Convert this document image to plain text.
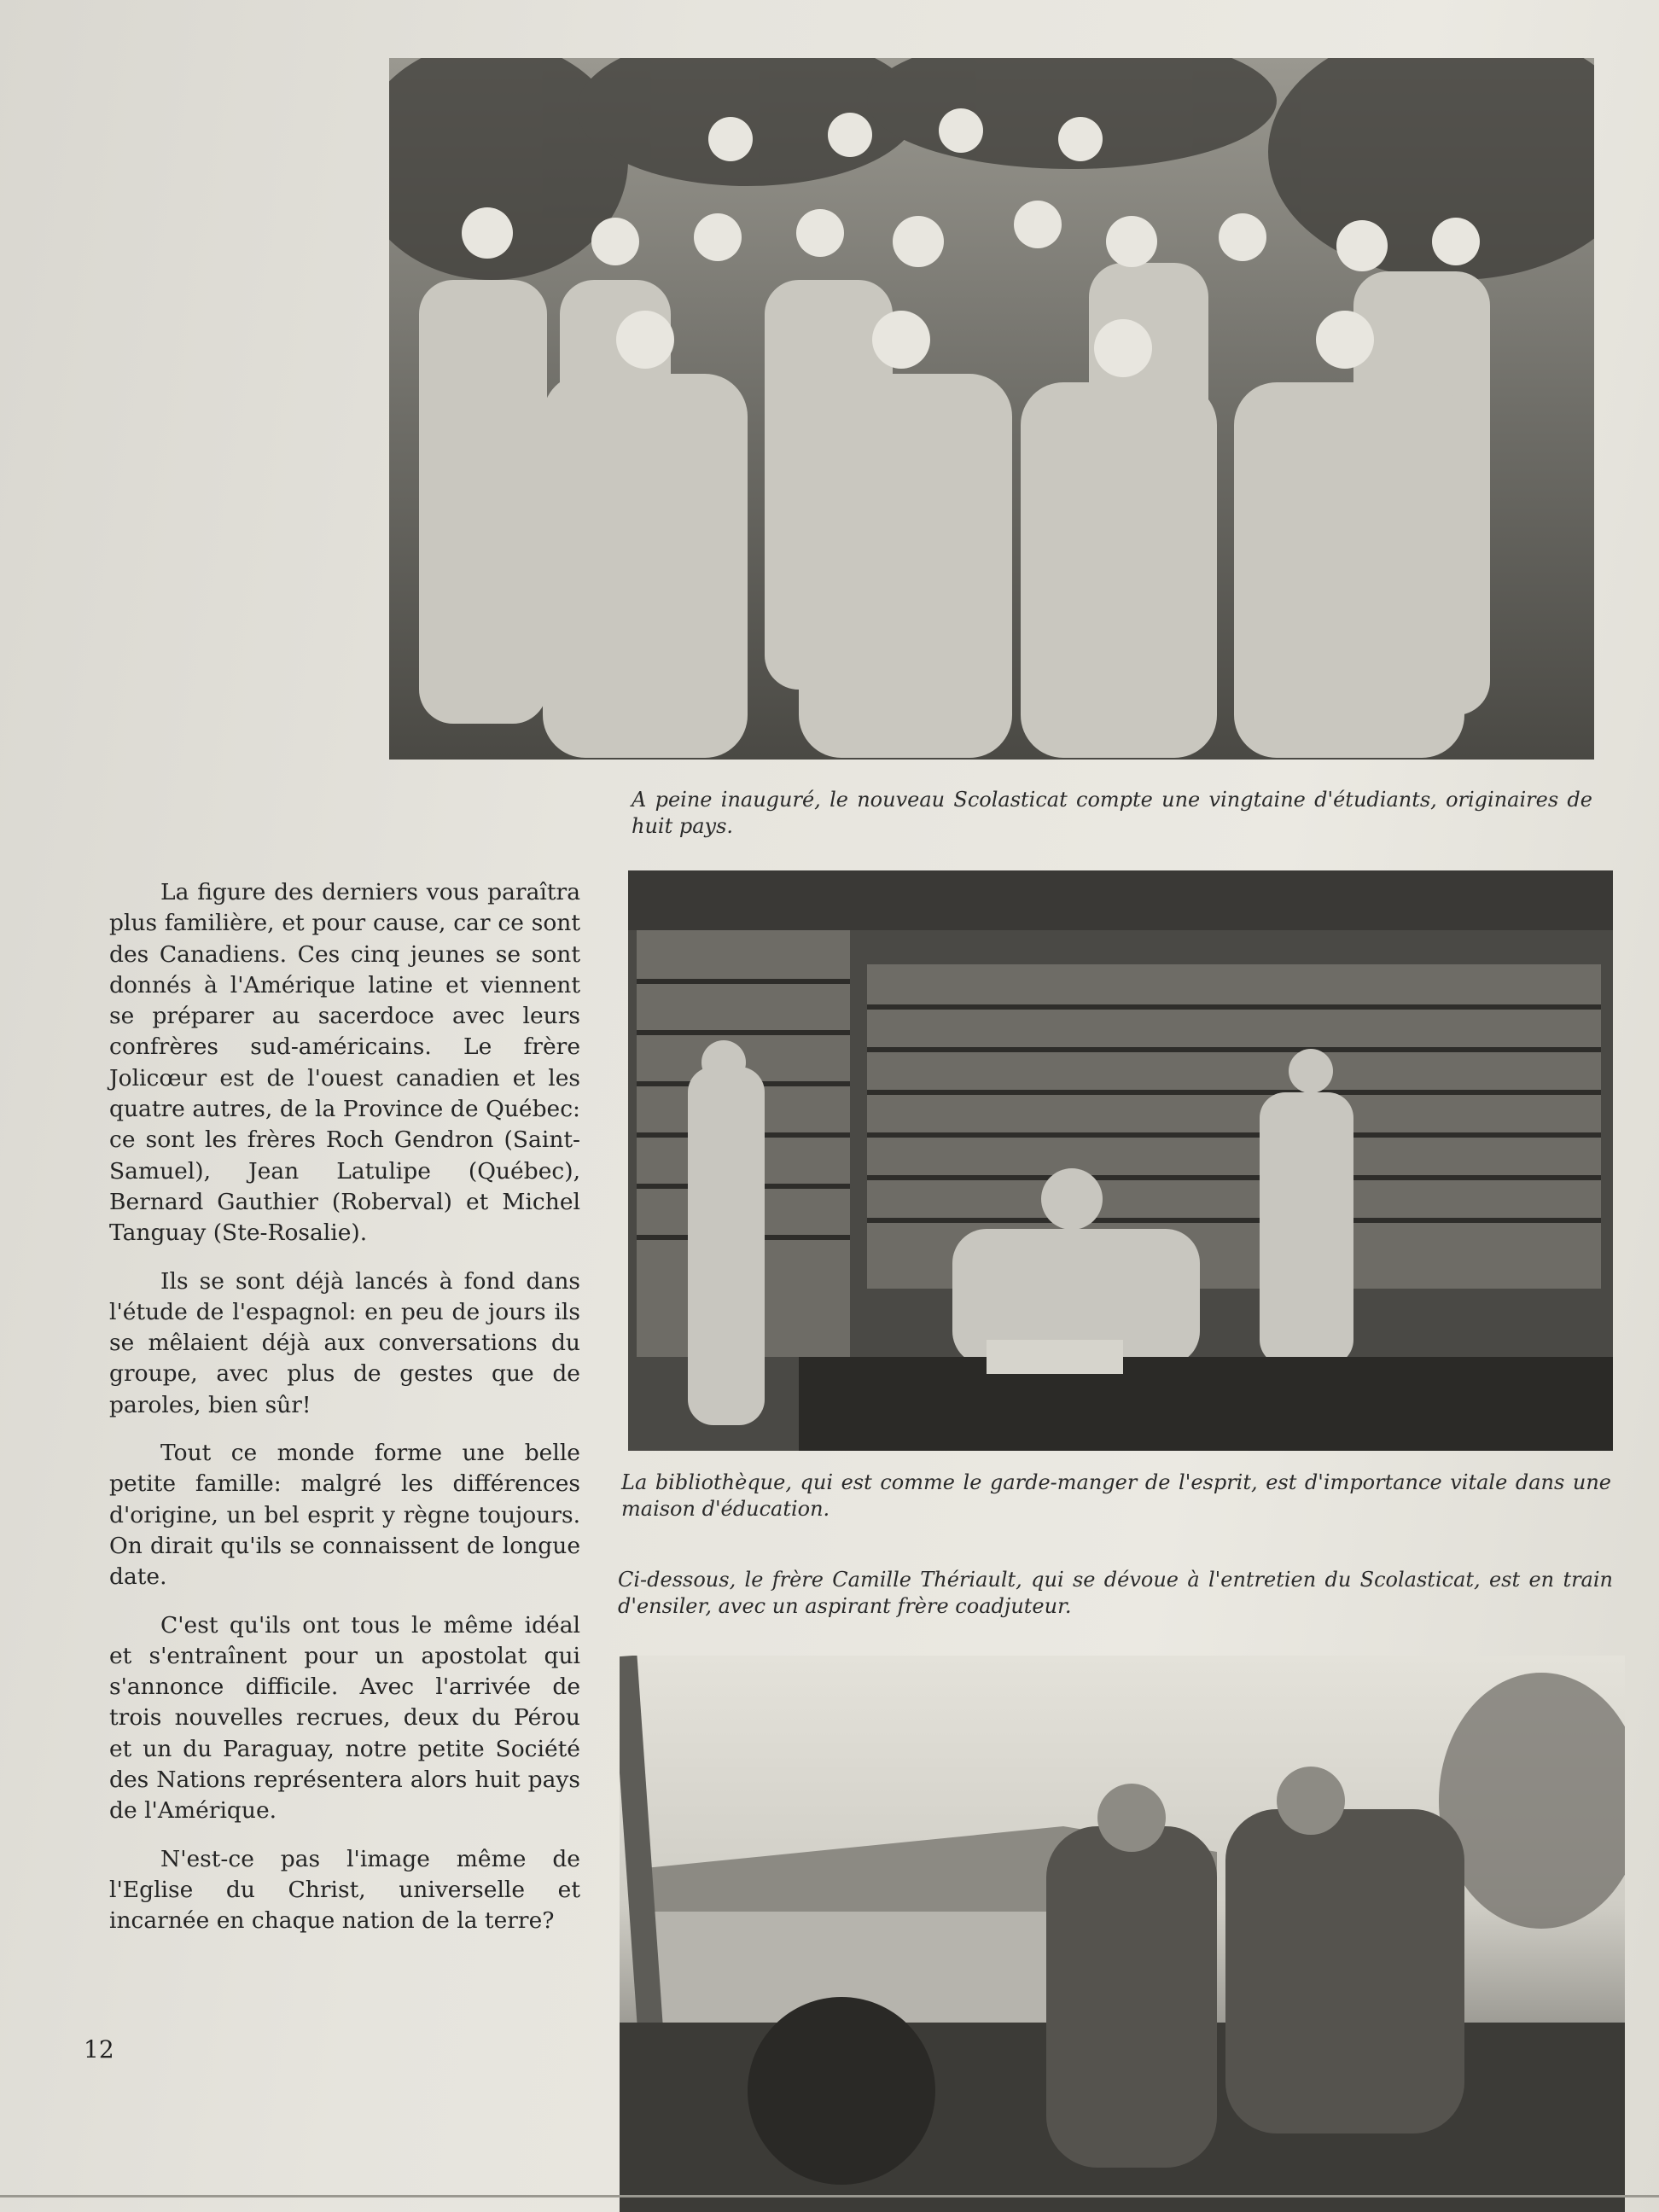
A peine inauguré, le nouveau Scolasticat compte une vingtaine d'étudiants, originaires de huit pays.
La bibliothèque, qui est comme le garde-manger de l'esprit, est d'importance vitale dans une maison d'éducation.
Ci-dessous, le frère Camille Thériault, qui se dévoue à l'entretien du Scolasticat, est en train d'ensiler, avec un aspirant frère coadjuteur.

La figure des derniers vous paraîtra plus familière, et pour cause, car ce sont des Canadiens. Ces cinq jeunes se sont donnés à l'Amérique latine et viennent se préparer au sacerdoce avec leurs confrères sud-américains. Le frère Jolicœur est de l'ouest canadien et les quatre autres, de la Province de Québec: ce sont les frères Roch Gendron (Saint-Samuel), Jean Latulipe (Québec), Bernard Gauthier (Roberval) et Michel Tanguay (Ste-Rosalie).

Ils se sont déjà lancés à fond dans l'étude de l'espagnol: en peu de jours ils se mêlaient déjà aux conversations du groupe, avec plus de gestes que de paroles, bien sûr!

Tout ce monde forme une belle petite famille: malgré les différences d'origine, un bel esprit y règne toujours. On dirait qu'ils se connaissent de longue date.

C'est qu'ils ont tous le même idéal et s'entraînent pour un apostolat qui s'annonce difficile. Avec l'arrivée de trois nouvelles recrues, deux du Pérou et un du Paraguay, notre petite Société des Nations représentera alors huit pays de l'Amérique.

N'est-ce pas l'image même de l'Eglise du Christ, universelle et incarnée en chaque nation de la terre?

12
